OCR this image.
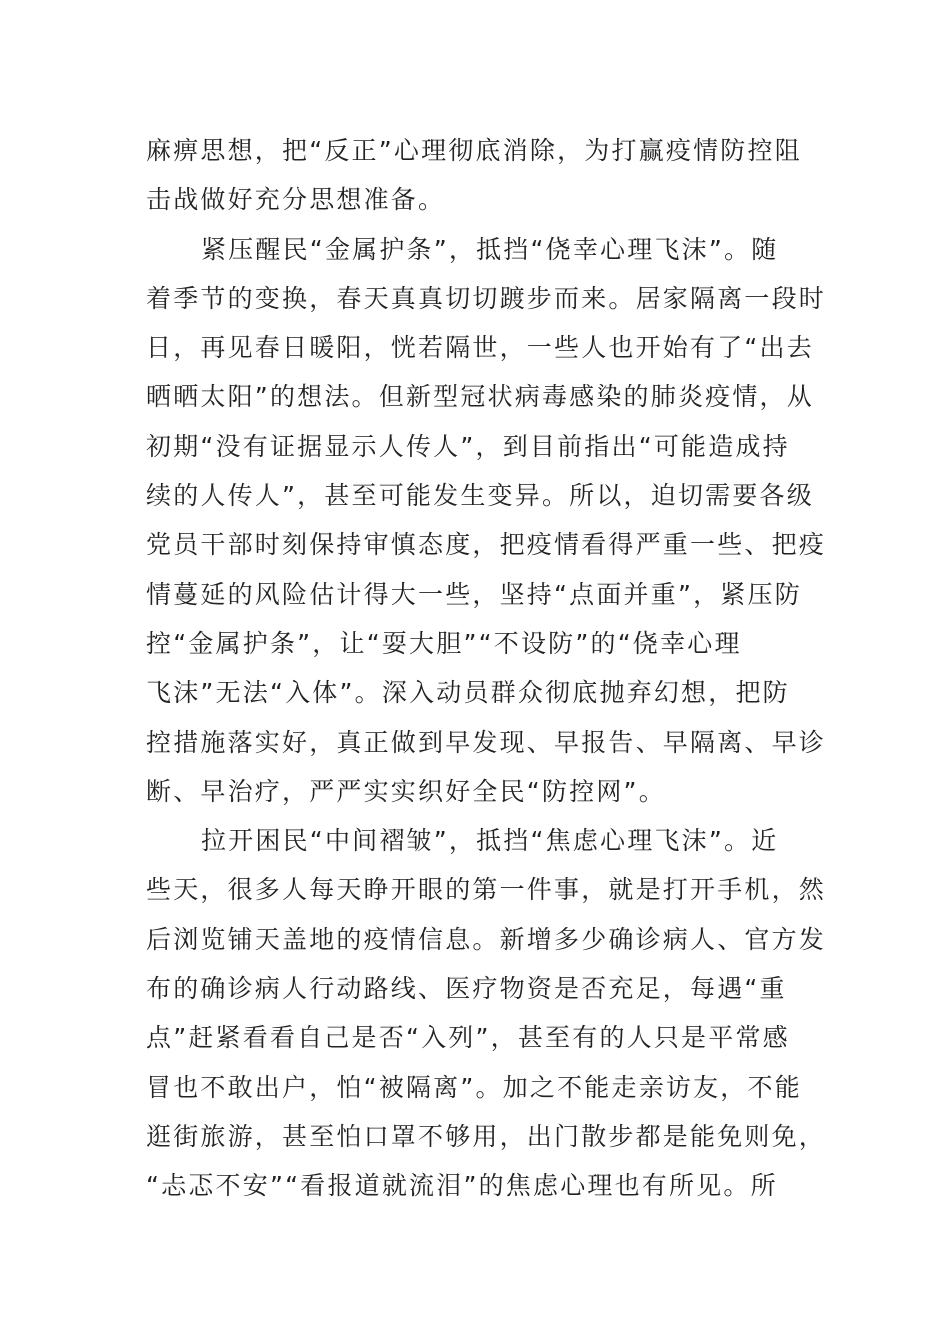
麻痹思想，把“反正”心理彻底消除，为打赢疫情防控阻
击战做好充分思想准备。
紧压醒民“金属护条”，抵挡“侥幸心理飞沫”。随
着季节的变换，春天真真切切踱步而来。居家隔离一段时
日，再见春日暖阳，恍若隔世，一些人也开始有了“出去
晒晒太阳”的想法。但新型冠状病毒感染的肺炎疫情，从
初期“没有证据显示人传人”，到目前指出“可能造成持
续的人传人”，甚至可能发生变异。所以，迫切需要各级
党员干部时刻保持审慎态度，把疫情看得严重一些、把疫
情蔓延的风险估计得大一些，坚持“点面并重”，紧压防
控“金属护条”，让“耍大胆”“不设防”的“侥幸心理
飞沫”无法“入体”。深入动员群众彻底抛弃幻想，把防
控措施落实好，真正做到早发现、早报告、早隔离、早诊
断、早治疗，严严实实织好全民“防控网”。
拉开困民“中间褶皱”，抵挡“焦虑心理飞沫”。近
些天，很多人每天睁开眼的第一件事，就是打开手机，然
后浏览铺天盖地的疫情信息。新增多少确诊病人、官方发
布的确诊病人行动路线、医疗物资是否充足，每遇“重
点”赶紧看看自己是否“入列”，甚至有的人只是平常感
冒也不敢出户，怕“被隔离”。加之不能走亲访友，不能
逛街旅游，甚至怕口罩不够用，出门散步都是能免则免，
“忐忑不安”“看报道就流泪”的焦虑心理也有所见。所
